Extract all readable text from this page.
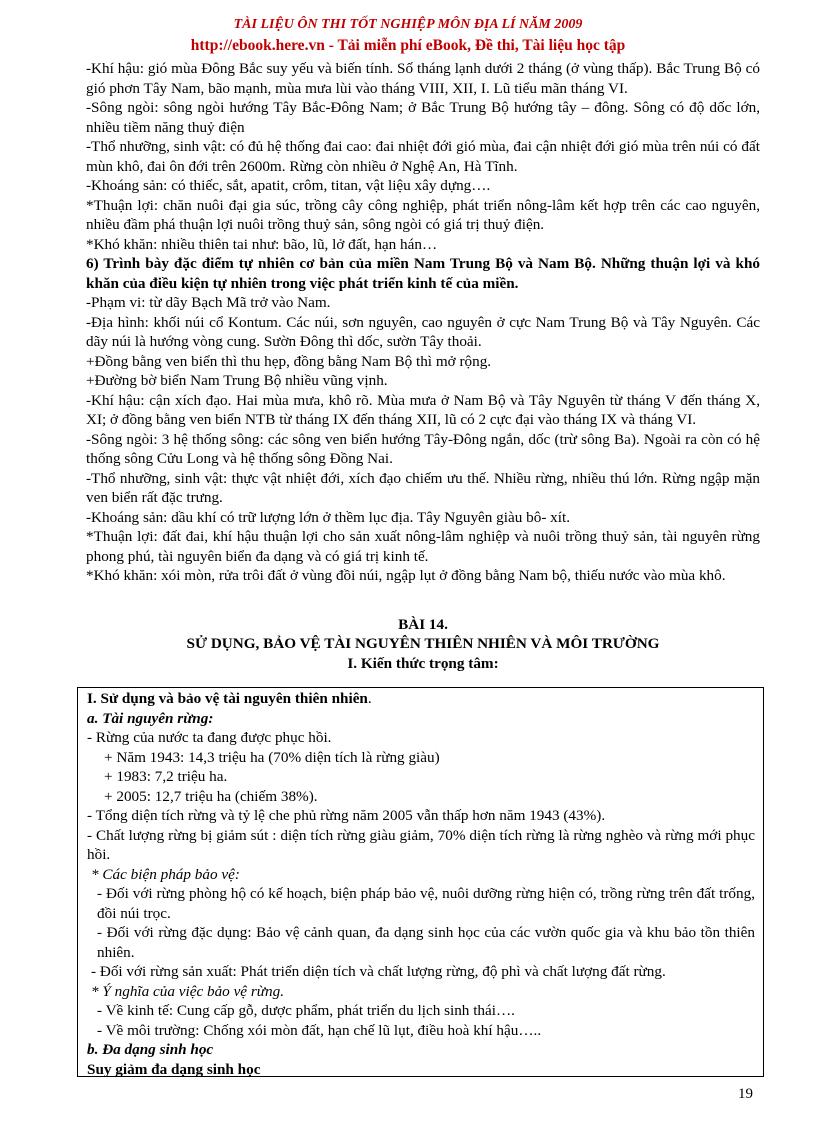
TÀI LIỆU ÔN THI TỐT NGHIỆP MÔN ĐỊA LÍ NĂM 2009
http://ebook.here.vn - Tải miễn phí eBook, Đề thi, Tài liệu học tập

-Khí hậu: gió mùa Đông Bắc suy yếu và biến tính. Số tháng lạnh dưới 2 tháng (ở vùng thấp). Bắc Trung Bộ có gió phơn Tây Nam, bão mạnh, mùa mưa lùi vào tháng VIII, XII, I. Lũ tiểu mãn tháng VI.

-Sông ngòi: sông ngòi hướng Tây Bắc-Đông Nam; ở Bắc Trung Bộ hướng tây – đông. Sông có độ dốc lớn, nhiều tiềm năng thuỷ điện

-Thổ nhưỡng, sinh vật: có đủ hệ thống đai cao: đai nhiệt đới gió mùa, đai cận nhiệt đới gió mùa trên núi có đất mùn khô, đai ôn đới trên 2600m. Rừng còn nhiều ở Nghệ An, Hà Tĩnh.

-Khoáng sản: có thiếc, sắt, apatit, crôm, titan, vật liệu xây dựng….

*Thuận lợi: chăn nuôi đại gia súc, trồng cây công nghiệp, phát triển nông-lâm kết hợp trên các cao nguyên, nhiều đầm phá thuận lợi nuôi trồng thuỷ sản, sông ngòi có giá trị thuỷ điện.

*Khó khăn: nhiều thiên tai như: bão, lũ, lở đất, hạn hán…

6) Trình bày đặc điểm tự nhiên cơ bản của miền Nam Trung Bộ và Nam Bộ. Những thuận lợi và khó khăn của điều kiện tự nhiên trong việc phát triển kinh tế của miền.

-Phạm vi: từ dãy Bạch Mã trở vào Nam.

-Địa hình: khối núi cổ Kontum. Các núi, sơn nguyên, cao nguyên ở cực Nam Trung Bộ và Tây Nguyên. Các dãy núi là hướng vòng cung. Sườn Đông thì dốc, sườn Tây thoải.

+Đồng bằng ven biển thì thu hẹp, đồng bằng Nam Bộ thì mở rộng.

+Đường bờ biển Nam Trung Bộ nhiều vũng vịnh.

-Khí hậu: cận xích đạo. Hai mùa mưa, khô rõ. Mùa mưa ở Nam Bộ và Tây Nguyên từ tháng V đến tháng X, XI; ở đồng bằng ven biển NTB từ tháng IX đến tháng XII, lũ có 2 cực đại vào tháng IX và tháng VI.

-Sông ngòi: 3 hệ thống sông: các sông ven biển hướng Tây-Đông ngắn, dốc (trừ sông Ba). Ngoài ra còn có hệ thống sông Cửu Long và hệ thống sông Đồng Nai.

-Thổ nhưỡng, sinh vật: thực vật nhiệt đới, xích đạo chiếm ưu thế. Nhiều rừng, nhiều thú lớn. Rừng ngập mặn ven biển rất đặc trưng.

-Khoáng sản: dầu khí có trữ lượng lớn ở thềm lục địa. Tây Nguyên giàu bô- xít.

*Thuận lợi: đất đai, khí hậu thuận lợi cho sản xuất nông-lâm nghiệp và nuôi trồng thuỷ sản, tài nguyên rừng phong phú, tài nguyên biển đa dạng và có giá trị kinh tế.

*Khó khăn: xói mòn, rửa trôi đất ở vùng đồi núi, ngập lụt ở đồng bằng Nam bộ, thiếu nước vào mùa khô.

BÀI 14.

SỬ DỤNG, BẢO VỆ TÀI NGUYÊN THIÊN NHIÊN VÀ MÔI TRƯỜNG

I. Kiến thức trọng tâm:

I. Sử dụng và bảo vệ tài nguyên thiên nhiên.

a. Tài nguyên rừng:

- Rừng của nước ta đang được phục hồi.

+ Năm 1943: 14,3 triệu ha (70% diện tích là rừng giàu)

+ 1983: 7,2 triệu ha.

+ 2005: 12,7 triệu ha (chiếm 38%).

- Tổng diện tích rừng và tỷ lệ che phủ rừng năm 2005 vẫn thấp hơn năm 1943 (43%).

- Chất lượng rừng bị giảm sút : diện tích rừng giàu giảm, 70% diện tích rừng là rừng nghèo và rừng mới phục hồi.

* Các biện pháp bảo vệ:

- Đối với rừng phòng hộ có kế hoạch, biện pháp bảo vệ, nuôi dưỡng rừng hiện có, trồng rừng trên đất trống, đồi núi trọc.

- Đối với rừng đặc dụng: Bảo vệ cảnh quan, đa dạng sinh học của các vườn quốc gia và khu bảo tồn thiên nhiên.

- Đối với rừng sản xuất: Phát triển diện tích và chất lượng rừng, độ phì và chất lượng đất rừng.

* Ý nghĩa của việc bảo vệ rừng.

- Về kinh tế: Cung cấp gỗ, dược phẩm, phát triển du lịch sinh thái….

- Về môi trường: Chống xói mòn đất, hạn chế lũ lụt, điều hoà khí hậu…..

b. Đa dạng sinh học

Suy giảm đa dạng sinh học

19
